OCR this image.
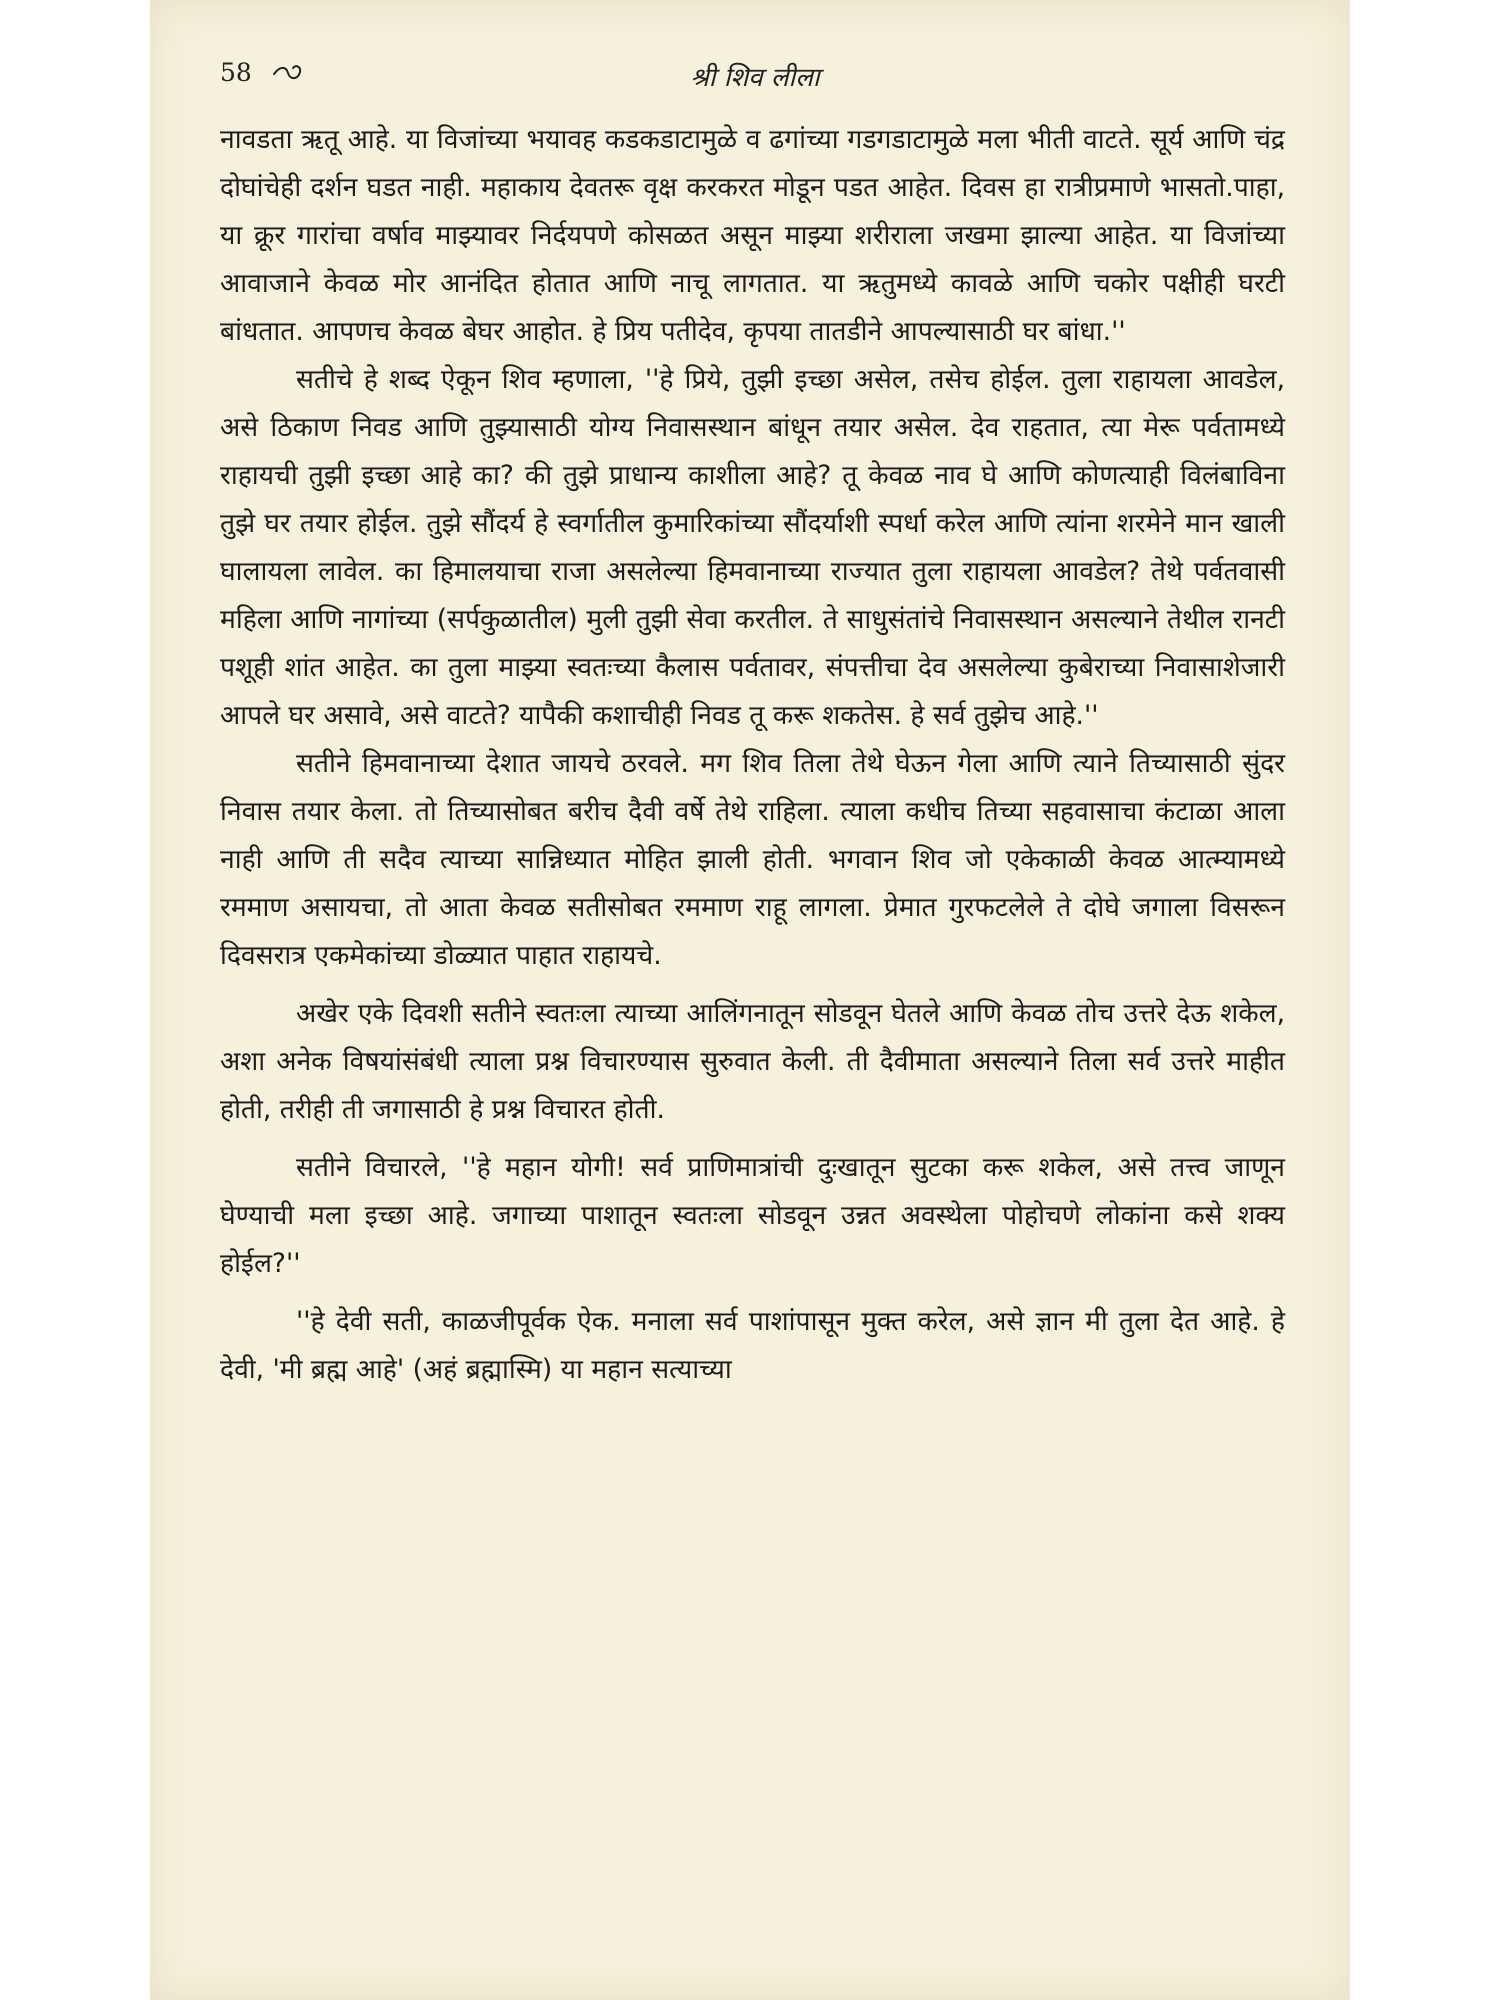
58	श्री शिव लीला

नावडता ऋतू आहे. या विजांच्या भयावह कडकडाटामुळे व ढगांच्या गडगडाटामुळे मला भीती वाटते. सूर्य आणि चंद्र दोघांचेही दर्शन घडत नाही. महाकाय देवतरू वृक्ष करकरत मोडून पडत आहेत. दिवस हा रात्रीप्रमाणे भासतो.पाहा, या क्रूर गारांचा वर्षाव माझ्यावर निर्दयपणे कोसळत असून माझ्या शरीराला जखमा झाल्या आहेत. या विजांच्या आवाजाने केवळ मोर आनंदित होतात आणि नाचू लागतात. या ऋतुमध्ये कावळे आणि चकोर पक्षीही घरटी बांधतात. आपणच केवळ बेघर आहोत. हे प्रिय पतीदेव, कृपया तातडीने आपल्यासाठी घर बांधा.''

सतीचे हे शब्द ऐकून शिव म्हणाला, ''हे प्रिये, तुझी इच्छा असेल, तसेच होईल. तुला राहायला आवडेल, असे ठिकाण निवड आणि तुझ्यासाठी योग्य निवासस्थान बांधून तयार असेल. देव राहतात, त्या मेरू पर्वतामध्ये राहायची तुझी इच्छा आहे का? की तुझे प्राधान्य काशीला आहे? तू केवळ नाव घे आणि कोणत्याही विलंबाविना तुझे घर तयार होईल. तुझे सौंदर्य हे स्वर्गातील कुमारिकांच्या सौंदर्याशी स्पर्धा करेल आणि त्यांना शरमेने मान खाली घालायला लावेल. का हिमालयाचा राजा असलेल्या हिमवानाच्या राज्यात तुला राहायला आवडेल? तेथे पर्वतवासी महिला आणि नागांच्या (सर्पकुळातील) मुली तुझी सेवा करतील. ते साधुसंतांचे निवासस्थान असल्याने तेथील रानटी पशूही शांत आहेत. का तुला माझ्या स्वतःच्या कैलास पर्वतावर, संपत्तीचा देव असलेल्या कुबेराच्या निवासाशेजारी आपले घर असावे, असे वाटते? यापैकी कशाचीही निवड तू करू शकतेस. हे सर्व तुझेच आहे.''

सतीने हिमवानाच्या देशात जायचे ठरवले. मग शिव तिला तेथे घेऊन गेला आणि त्याने तिच्यासाठी सुंदर निवास तयार केला. तो तिच्यासोबत बरीच दैवी वर्षे तेथे राहिला. त्याला कधीच तिच्या सहवासाचा कंटाळा आला नाही आणि ती सदैव त्याच्या सान्निध्यात मोहित झाली होती. भगवान शिव जो एकेकाळी केवळ आत्म्यामध्ये रममाण असायचा, तो आता केवळ सतीसोबत रममाण राहू लागला. प्रेमात गुरफटलेले ते दोघे जगाला विसरून दिवसरात्र एकमेकांच्या डोळ्यात पाहात राहायचे.

अखेर एके दिवशी सतीने स्वतःला त्याच्या आलिंगनातून सोडवून घेतले आणि केवळ तोच उत्तरे देऊ शकेल, अशा अनेक विषयांसंबंधी त्याला प्रश्न विचारण्यास सुरुवात केली. ती दैवीमाता असल्याने तिला सर्व उत्तरे माहीत होती, तरीही ती जगासाठी हे प्रश्न विचारत होती.

सतीने विचारले, ''हे महान योगी! सर्व प्राणिमात्रांची दुःखातून सुटका करू शकेल, असे तत्त्व जाणून घेण्याची मला इच्छा आहे. जगाच्या पाशातून स्वतःला सोडवून उन्नत अवस्थेला पोहोचणे लोकांना कसे शक्य होईल?''

''हे देवी सती, काळजीपूर्वक ऐक. मनाला सर्व पाशांपासून मुक्त करेल, असे ज्ञान मी तुला देत आहे. हे देवी, 'मी ब्रह्म आहे' (अहं ब्रह्मास्मि) या महान सत्याच्या
